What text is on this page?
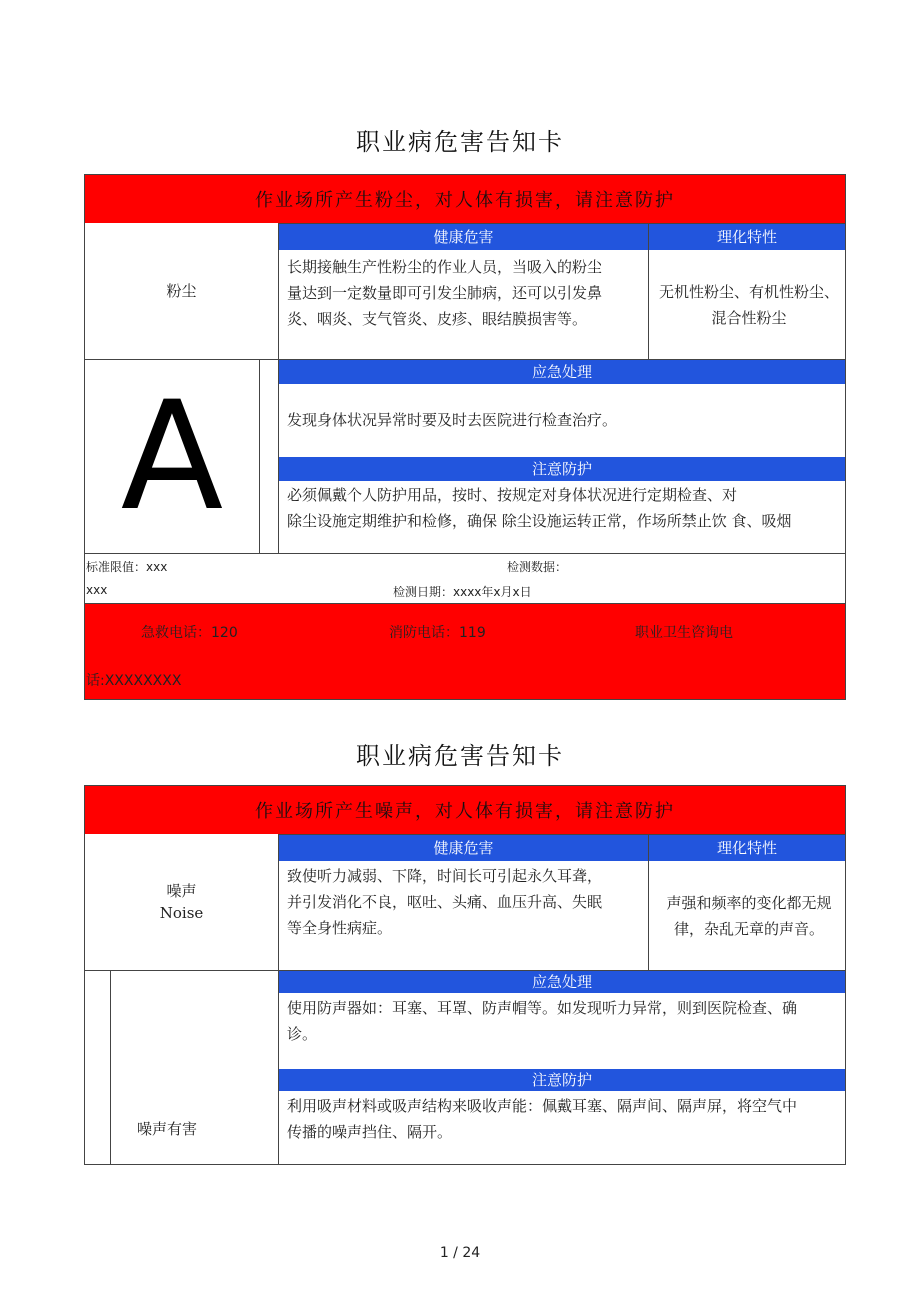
职业病危害告知卡
作业场所产生粉尘，对人体有损害，请注意防护
粉尘
健康危害
长期接触生产性粉尘的作业人员，当吸入的粉尘量达到一定数量即可引发尘肺病，还可以引发鼻炎、咽炎、支气管炎、皮疹、眼结膜损害等。
理化特性
无机性粉尘、有机性粉尘、混合性粉尘
A	应急处理
发现身体状况异常时要及时去医院进行检查治疗。
注意防护
必须佩戴个人防护用品，按时、按规定对身体状况进行定期检查、对
除尘设施定期维护和检修，确保 除尘设施运转正常，作场所禁止饮 食、吸烟
标准限值：xxx	检测数据：
xxx	检测日期：xxxx年x月x日
急救电话：120	消防电话：119	职业卫生咨询电
话:XXXXXXXX
职业病危害告知卡
作业场所产生噪声，对人体有损害，请注意防护
噪声
Noise
健康危害
致使听力减弱、下降，时间长可引起永久耳聋，并引发消化不良，呕吐、头痛、血压升高、失眠等全身性病症。
理化特性
声强和频率的变化都无规律，杂乱无章的声音。
噪声有害
应急处理
使用防声器如：耳塞、耳罩、防声帽等。如发现听力异常，则到医院检查、确诊。
注意防护
利用吸声材料或吸声结构来吸收声能：佩戴耳塞、隔声间、隔声屏，将空气中传播的噪声挡住、隔开。
1 / 24
